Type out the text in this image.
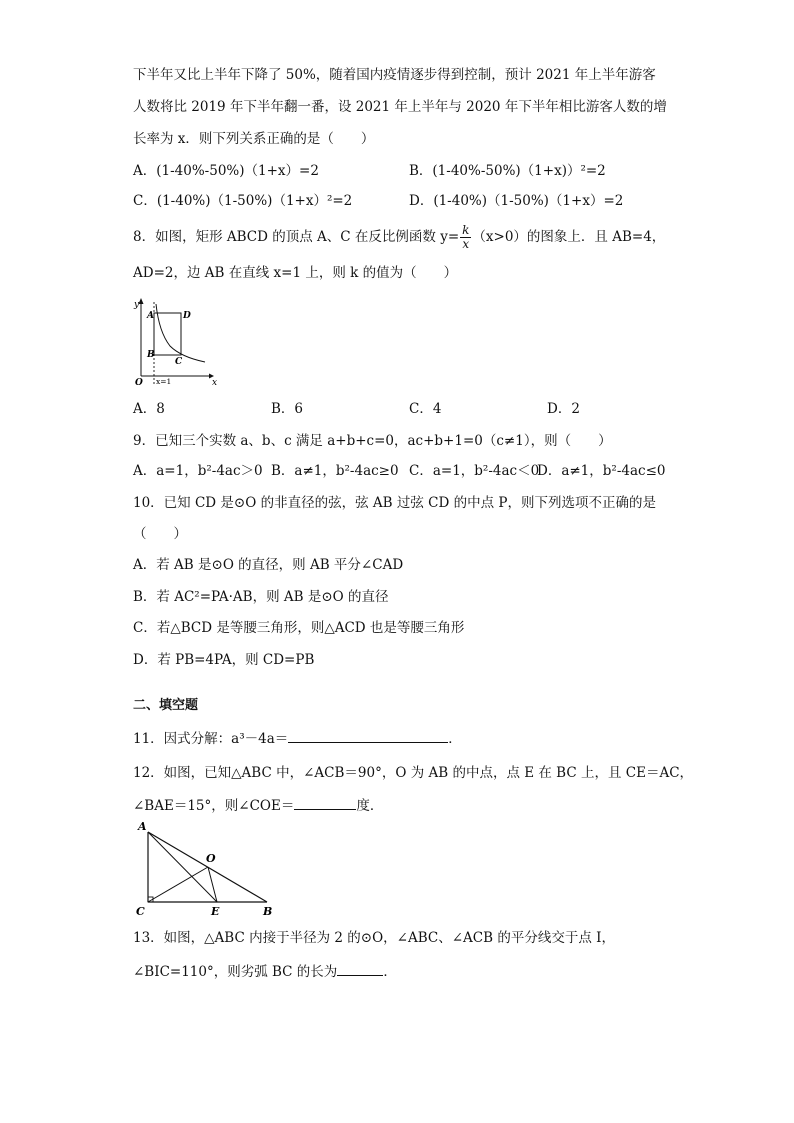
下半年又比上半年下降了 50%，随着国内疫情逐步得到控制，预计 2021 年上半年游客
人数将比 2019 年下半年翻一番，设 2021 年上半年与 2020 年下半年相比游客人数的增
长率为 x．则下列关系正确的是（　　）
A．(1-40%-50%)（1+x）=2	B．(1-40%-50%)（1+x)）²=2
C．(1-40%)（1-50%)（1+x）²=2	D．(1-40%)（1-50%)（1+x）=2
8．如图，矩形 ABCD 的顶点 A、C 在反比例函数 $y= \frac{k}{x} (x>0)$的图象上．且 AB=4，
AD=2，边 AB 在直线 x=1 上，则 k 的值为（　　）
y
x
O
A	D
B
C
x=1
A．8	B．6	C．4	D．2
9．已知三个实数 a、b、c 满足 a+b+c=0，ac+b+1=0（c≠1），则（　　）
A．a=1，b²-4ac＞0 B．a≠1，b²-4ac≥0 C．a=1，b²-4ac＜0
D．a≠1，b²-4ac≤0
10．已知 CD 是⊙O 的非直径的弦，弦 AB 过弦 CD 的中点 P，则下列选项不正确的是
（　　）
A．若 AB 是⊙O 的直径，则 AB 平分∠CAD
B．若 AC²=PA·AB，则 AB 是⊙O 的直径
C．若△BCD 是等腰三角形，则△ACD 也是等腰三角形
D．若 PB=4PA，则 CD=PB
二、填空题
11．因式分解：a³－4a＝	．
12．如图，已知△ABC 中，∠ACB＝90°，O 为 AB 的中点，点 E 在 BC 上，且 CE＝AC，
∠BAE＝15°，则∠COE＝	度．
A
O
C	E	B
13．如图，△ABC 内接于半径为 2 的⊙O，∠ABC、∠ACB 的平分线交于点 I，
∠BIC=110°，则劣弧 BC 的长为	．
